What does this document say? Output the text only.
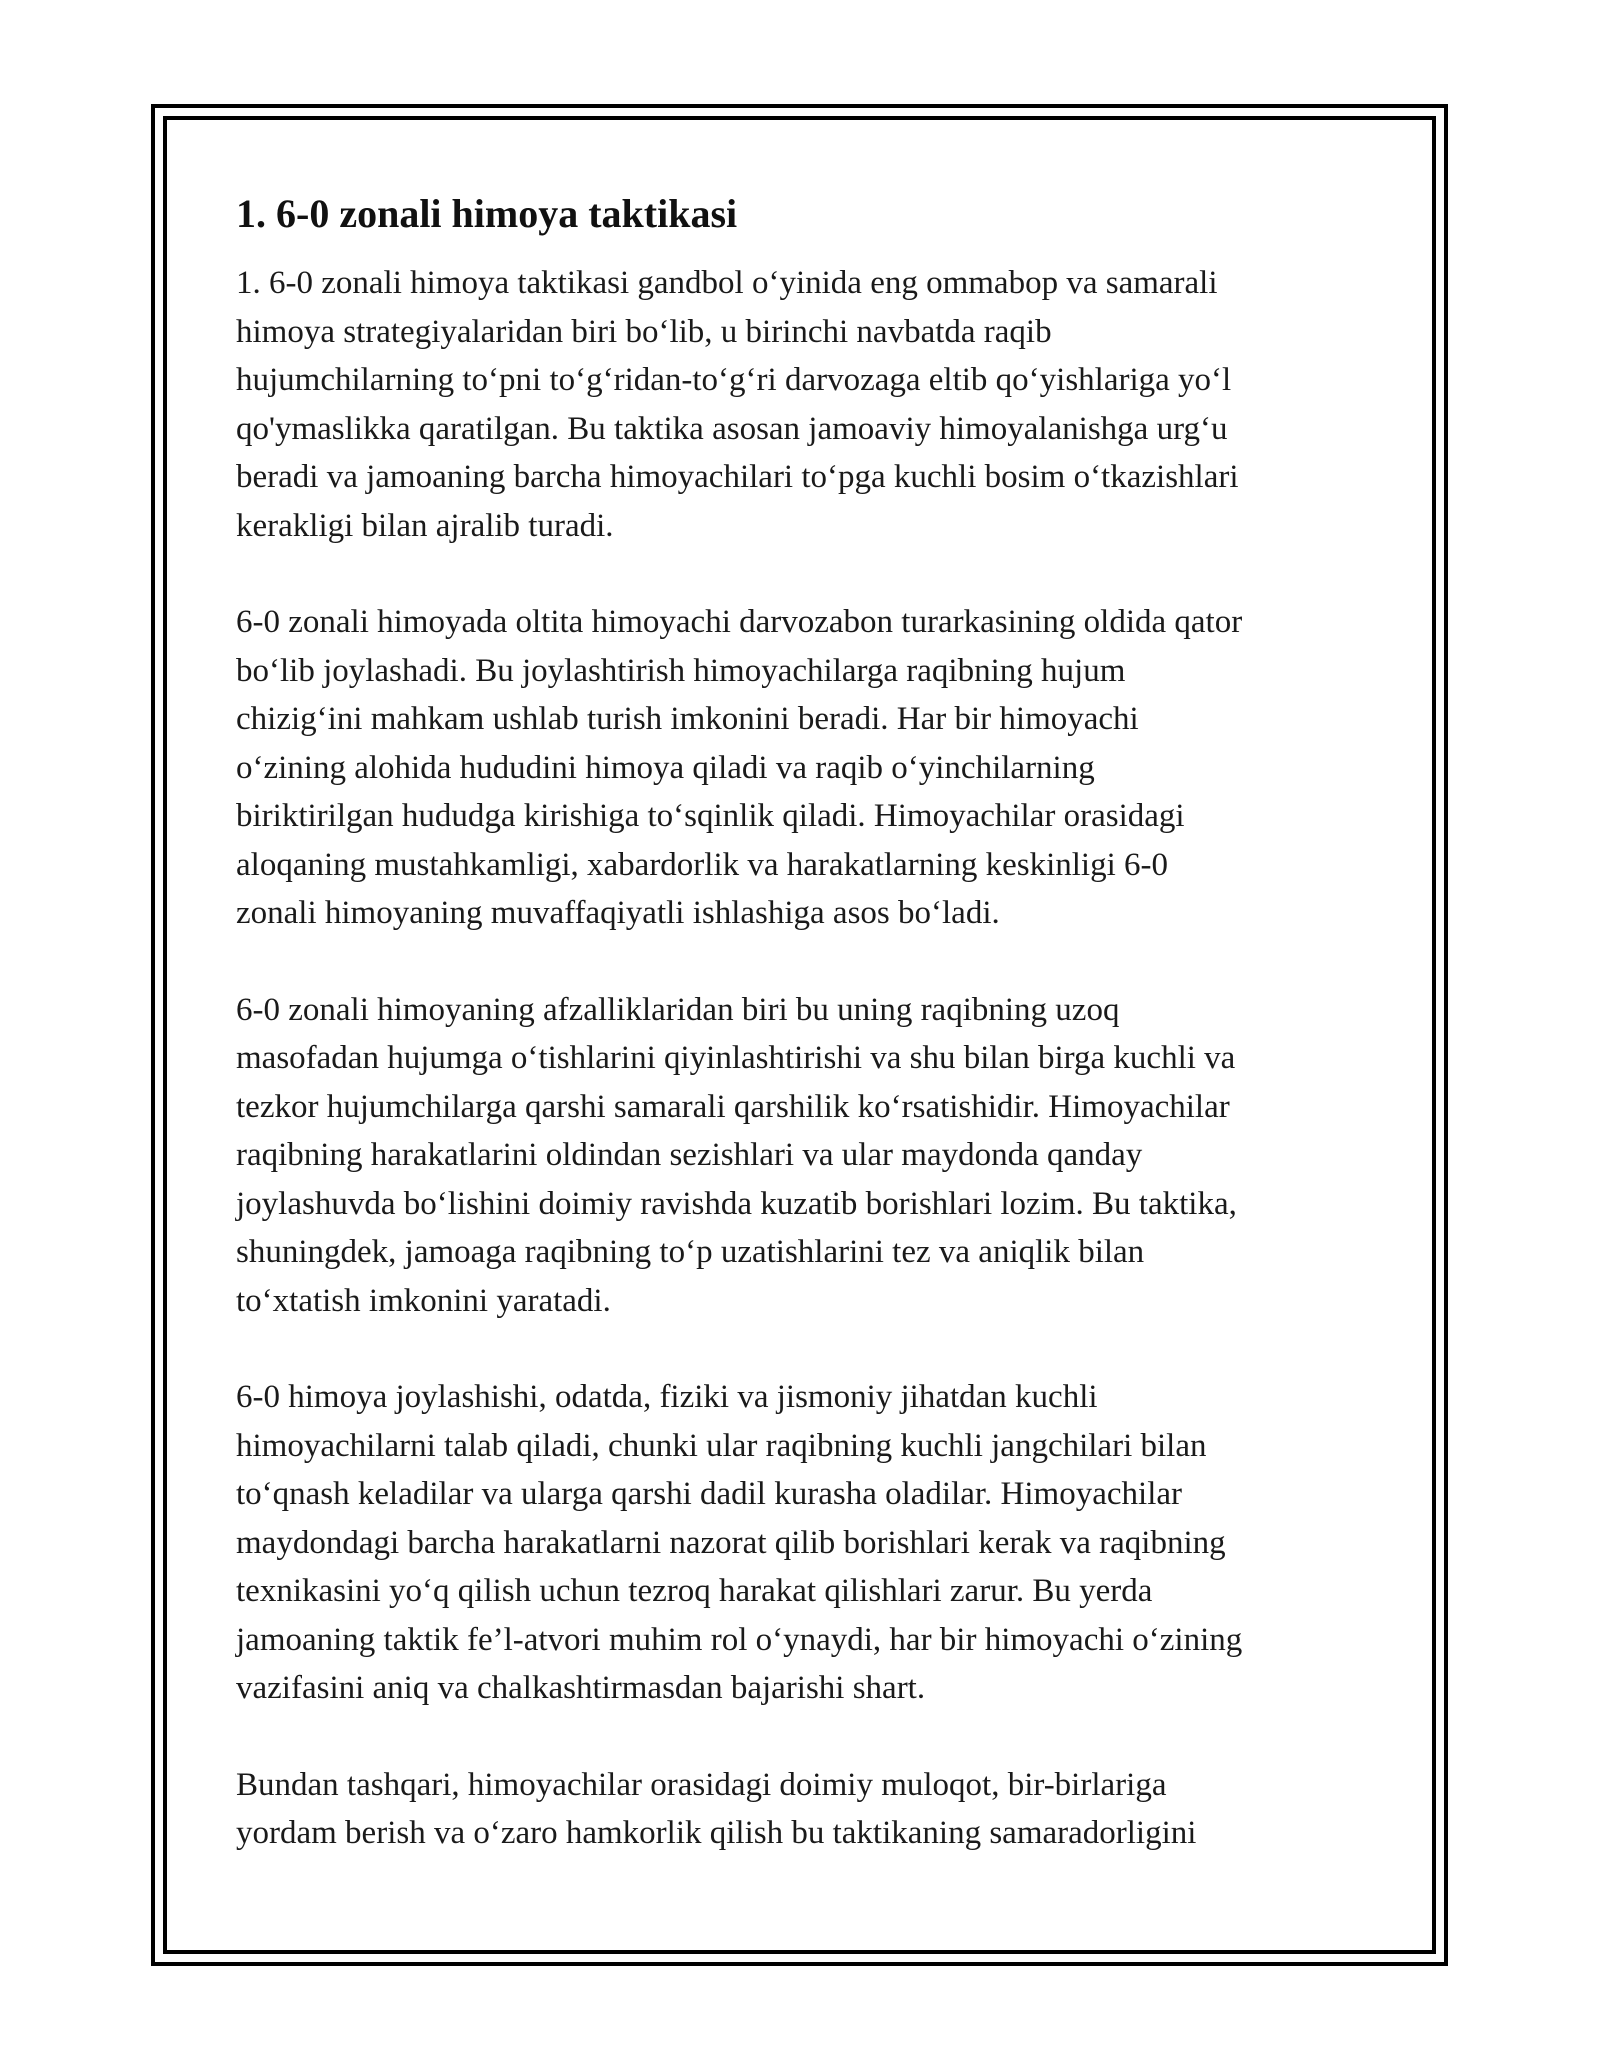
1. 6-0 zonali himoya taktikasi

1. 6-0 zonali himoya taktikasi gandbol o‘yinida eng ommabop va samarali
himoya strategiyalaridan biri bo‘lib, u birinchi navbatda raqib
hujumchilarning to‘pni to‘g‘ridan-to‘g‘ri darvozaga eltib qo‘yishlariga yo‘l
qo'ymaslikka qaratilgan. Bu taktika asosan jamoaviy himoyalanishga urg‘u
beradi va jamoaning barcha himoyachilari to‘pga kuchli bosim o‘tkazishlari
kerakligi bilan ajralib turadi.

6-0 zonali himoyada oltita himoyachi darvozabon turarkasining oldida qator
bo‘lib joylashadi. Bu joylashtirish himoyachilarga raqibning hujum
chizig‘ini mahkam ushlab turish imkonini beradi. Har bir himoyachi
o‘zining alohida hududini himoya qiladi va raqib o‘yinchilarning
biriktirilgan hududga kirishiga to‘sqinlik qiladi. Himoyachilar orasidagi
aloqaning mustahkamligi, xabardorlik va harakatlarning keskinligi 6-0
zonali himoyaning muvaffaqiyatli ishlashiga asos bo‘ladi.

6-0 zonali himoyaning afzalliklaridan biri bu uning raqibning uzoq
masofadan hujumga o‘tishlarini qiyinlashtirishi va shu bilan birga kuchli va
tezkor hujumchilarga qarshi samarali qarshilik ko‘rsatishidir. Himoyachilar
raqibning harakatlarini oldindan sezishlari va ular maydonda qanday
joylashuvda bo‘lishini doimiy ravishda kuzatib borishlari lozim. Bu taktika,
shuningdek, jamoaga raqibning to‘p uzatishlarini tez va aniqlik bilan
to‘xtatish imkonini yaratadi.

6-0 himoya joylashishi, odatda, fiziki va jismoniy jihatdan kuchli
himoyachilarni talab qiladi, chunki ular raqibning kuchli jangchilari bilan
to‘qnash keladilar va ularga qarshi dadil kurasha oladilar. Himoyachilar
maydondagi barcha harakatlarni nazorat qilib borishlari kerak va raqibning
texnikasini yo‘q qilish uchun tezroq harakat qilishlari zarur. Bu yerda
jamoaning taktik fe’l-atvori muhim rol o‘ynaydi, har bir himoyachi o‘zining
vazifasini aniq va chalkashtirmasdan bajarishi shart.

Bundan tashqari, himoyachilar orasidagi doimiy muloqot, bir-birlariga
yordam berish va o‘zaro hamkorlik qilish bu taktikaning samaradorligini
